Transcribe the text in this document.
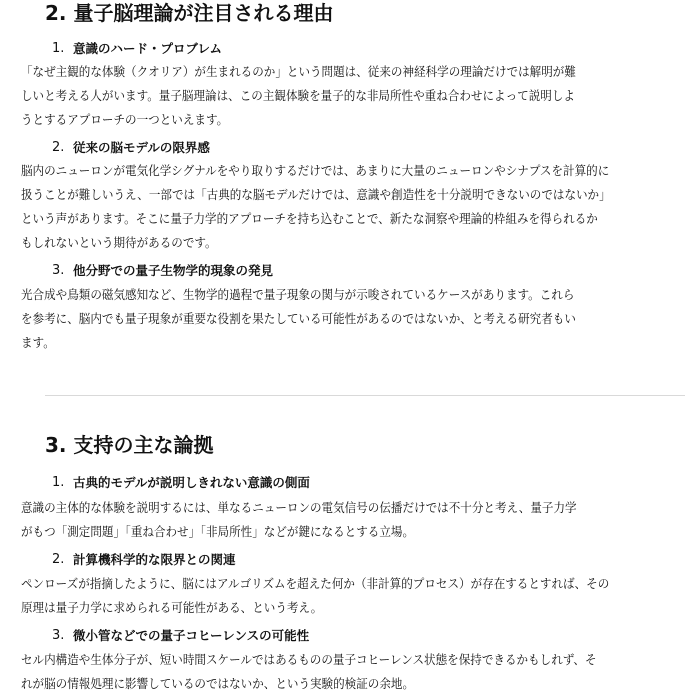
2. 量子脳理論が注目される理由
1. 意識のハード・プロブレム
「なぜ主観的な体験（クオリア）が生まれるのか」という問題は、従来の神経科学の理論だけでは解明が難
しいと考える人がいます。量子脳理論は、この主観体験を量子的な非局所性や重ね合わせによって説明しよ
うとするアプローチの一つといえます。
2. 従来の脳モデルの限界感
脳内のニューロンが電気化学シグナルをやり取りするだけでは、あまりに大量のニューロンやシナプスを計算的に
扱うことが難しいうえ、一部では「古典的な脳モデルだけでは、意識や創造性を十分説明できないのではないか」
という声があります。そこに量子力学的アプローチを持ち込むことで、新たな洞察や理論的枠組みを得られるか
もしれないという期待があるのです。
3. 他分野での量子生物学的現象の発見
光合成や鳥類の磁気感知など、生物学的過程で量子現象の関与が示唆されているケースがあります。これら
を参考に、脳内でも量子現象が重要な役割を果たしている可能性があるのではないか、と考える研究者もい
ます。
3. 支持の主な論拠
1. 古典的モデルが説明しきれない意識の側面
意識の主体的な体験を説明するには、単なるニューロンの電気信号の伝播だけでは不十分と考え、量子力学
がもつ「測定問題」「重ね合わせ」「非局所性」などが鍵になるとする立場。
2. 計算機科学的な限界との関連
ペンローズが指摘したように、脳にはアルゴリズムを超えた何か（非計算的プロセス）が存在するとすれば、その
原理は量子力学に求められる可能性がある、という考え。
3. 微小管などでの量子コヒーレンスの可能性
セル内構造や生体分子が、短い時間スケールではあるものの量子コヒーレンス状態を保持できるかもしれず、そ
れが脳の情報処理に影響しているのではないか、という実験的検証の余地。
